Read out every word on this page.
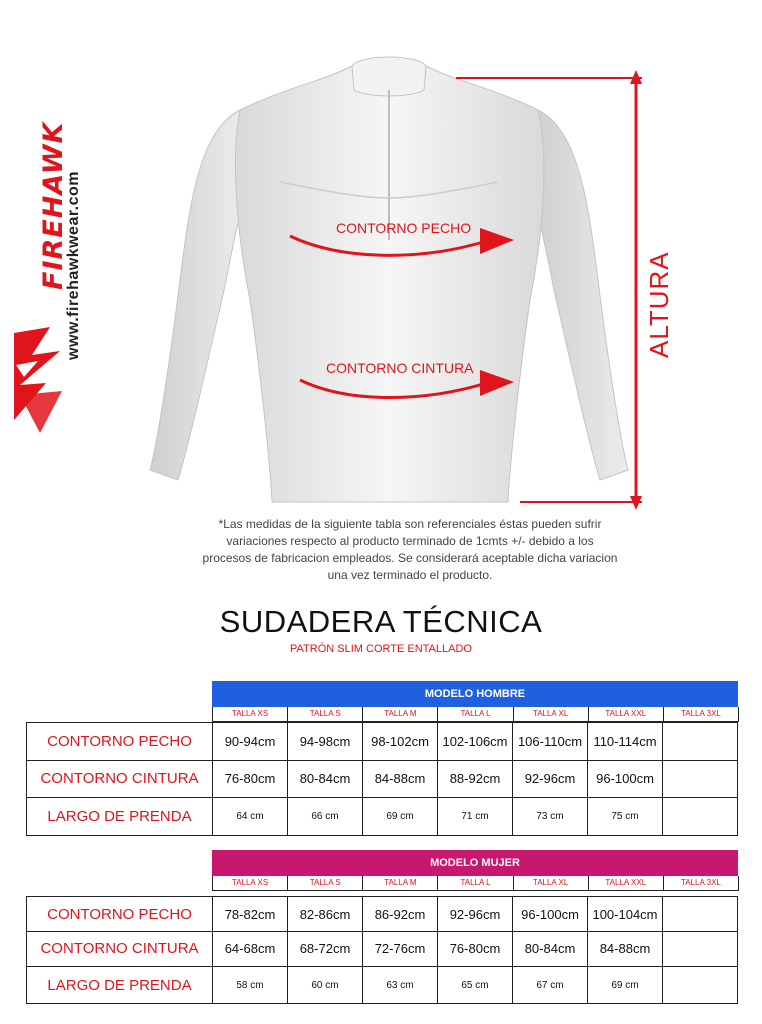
FIREHAWK
www.firehawkwear.com	CONTORNO PECHO
CONTORNO CINTURA
ALTURA
*Las medidas de la siguiente tabla son referenciales éstas pueden sufrir
variaciones respecto al producto terminado de 1cmts +/- debido a los
procesos de fabricacion empleados. Se considerará aceptable dicha variacion
una vez terminado el producto.
SUDADERA TÉCNICA
PATRÓN SLIM CORTE ENTALLADO
MODELO HOMBRE
TALLA XS	TALLA S	TALLA M	TALLA L	TALLA XL	TALLA XXL	TALLA 3XL
CONTORNO PECHO	90-94cm	94-98cm	98-102cm	102-106cm 106-110cm 110-114cm
CONTORNO CINTURA	76-80cm	80-84cm	84-88cm	88-92cm	92-96cm	96-100cm
LARGO DE PRENDA	64 cm	66 cm	69 cm	71 cm	73 cm	75 cm
MODELO MUJER
TALLA XS	TALLA S	TALLA M	TALLA L	TALLA XL	TALLA XXL	TALLA 3XL
CONTORNO PECHO	78-82cm	82-86cm	86-92cm	92-96cm	96-100cm	100-104cm
CONTORNO CINTURA	64-68cm	68-72cm	72-76cm	76-80cm	80-84cm	84-88cm
LARGO DE PRENDA	58 cm	60 cm	63 cm	65 cm	67 cm	69 cm
